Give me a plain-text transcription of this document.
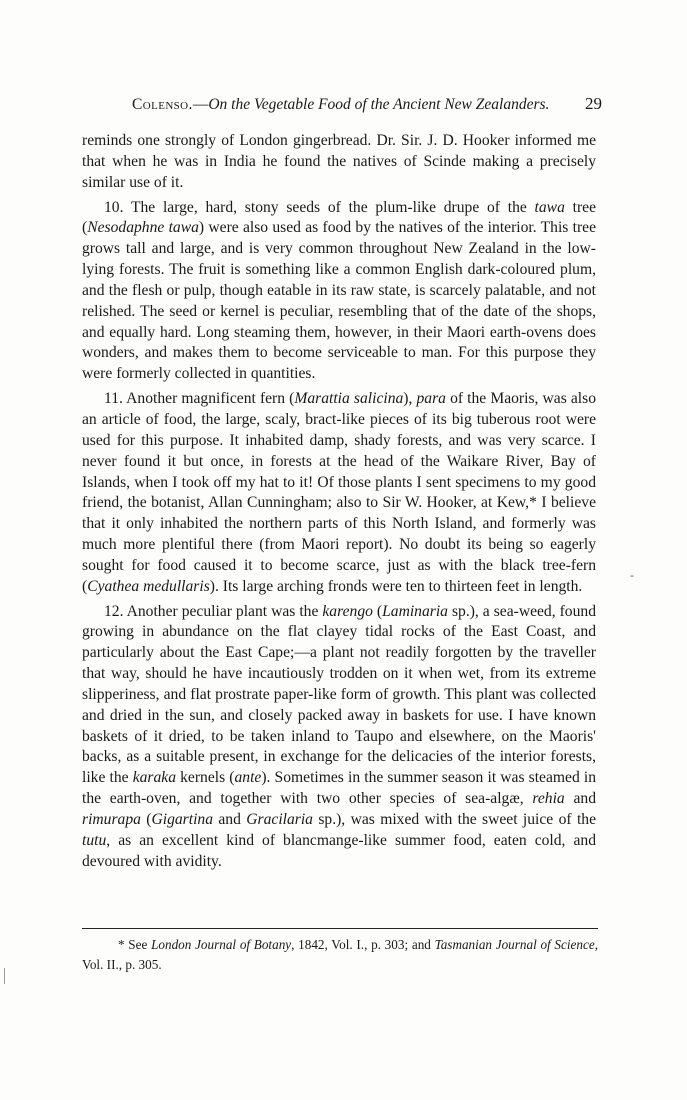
Colenso.—On the Vegetable Food of the Ancient New Zealanders. 29

reminds one strongly of London gingerbread. Dr. Sir. J. D. Hooker informed me that when he was in India he found the natives of Scinde making a precisely similar use of it.

10. The large, hard, stony seeds of the plum-like drupe of the tawa tree (Nesodaphne tawa) were also used as food by the natives of the interior. This tree grows tall and large, and is very common throughout New Zealand in the low-lying forests. The fruit is something like a common English dark-coloured plum, and the flesh or pulp, though eatable in its raw state, is scarcely palatable, and not relished. The seed or kernel is peculiar, resembling that of the date of the shops, and equally hard. Long steaming them, however, in their Maori earth-ovens does wonders, and makes them to become serviceable to man. For this purpose they were formerly collected in quantities.

11. Another magnificent fern (Marattia salicina), para of the Maoris, was also an article of food, the large, scaly, bract-like pieces of its big tuberous root were used for this purpose. It inhabited damp, shady forests, and was very scarce. I never found it but once, in forests at the head of the Waikare River, Bay of Islands, when I took off my hat to it! Of those plants I sent specimens to my good friend, the botanist, Allan Cunningham; also to Sir W. Hooker, at Kew,* I believe that it only inhabited the northern parts of this North Island, and formerly was much more plentiful there (from Maori report). No doubt its being so eagerly sought for food caused it to become scarce, just as with the black tree-fern (Cyathea medullaris). Its large arching fronds were ten to thirteen feet in length.

12. Another peculiar plant was the karengo (Laminaria sp.), a sea-weed, found growing in abundance on the flat clayey tidal rocks of the East Coast, and particularly about the East Cape;—a plant not readily forgotten by the traveller that way, should he have incautiously trodden on it when wet, from its extreme slipperiness, and flat prostrate paper-like form of growth. This plant was collected and dried in the sun, and closely packed away in baskets for use. I have known baskets of it dried, to be taken inland to Taupo and elsewhere, on the Maoris' backs, as a suitable present, in exchange for the delicacies of the interior forests, like the karaka kernels (ante). Sometimes in the summer season it was steamed in the earth-oven, and together with two other species of sea-algæ, rehia and rimurapa (Gigartina and Gracilaria sp.), was mixed with the sweet juice of the tutu, as an excellent kind of blancmange-like summer food, eaten cold, and devoured with avidity.

* See London Journal of Botany, 1842, Vol. I., p. 303; and Tasmanian Journal of Science, Vol. II., p. 305.
-
